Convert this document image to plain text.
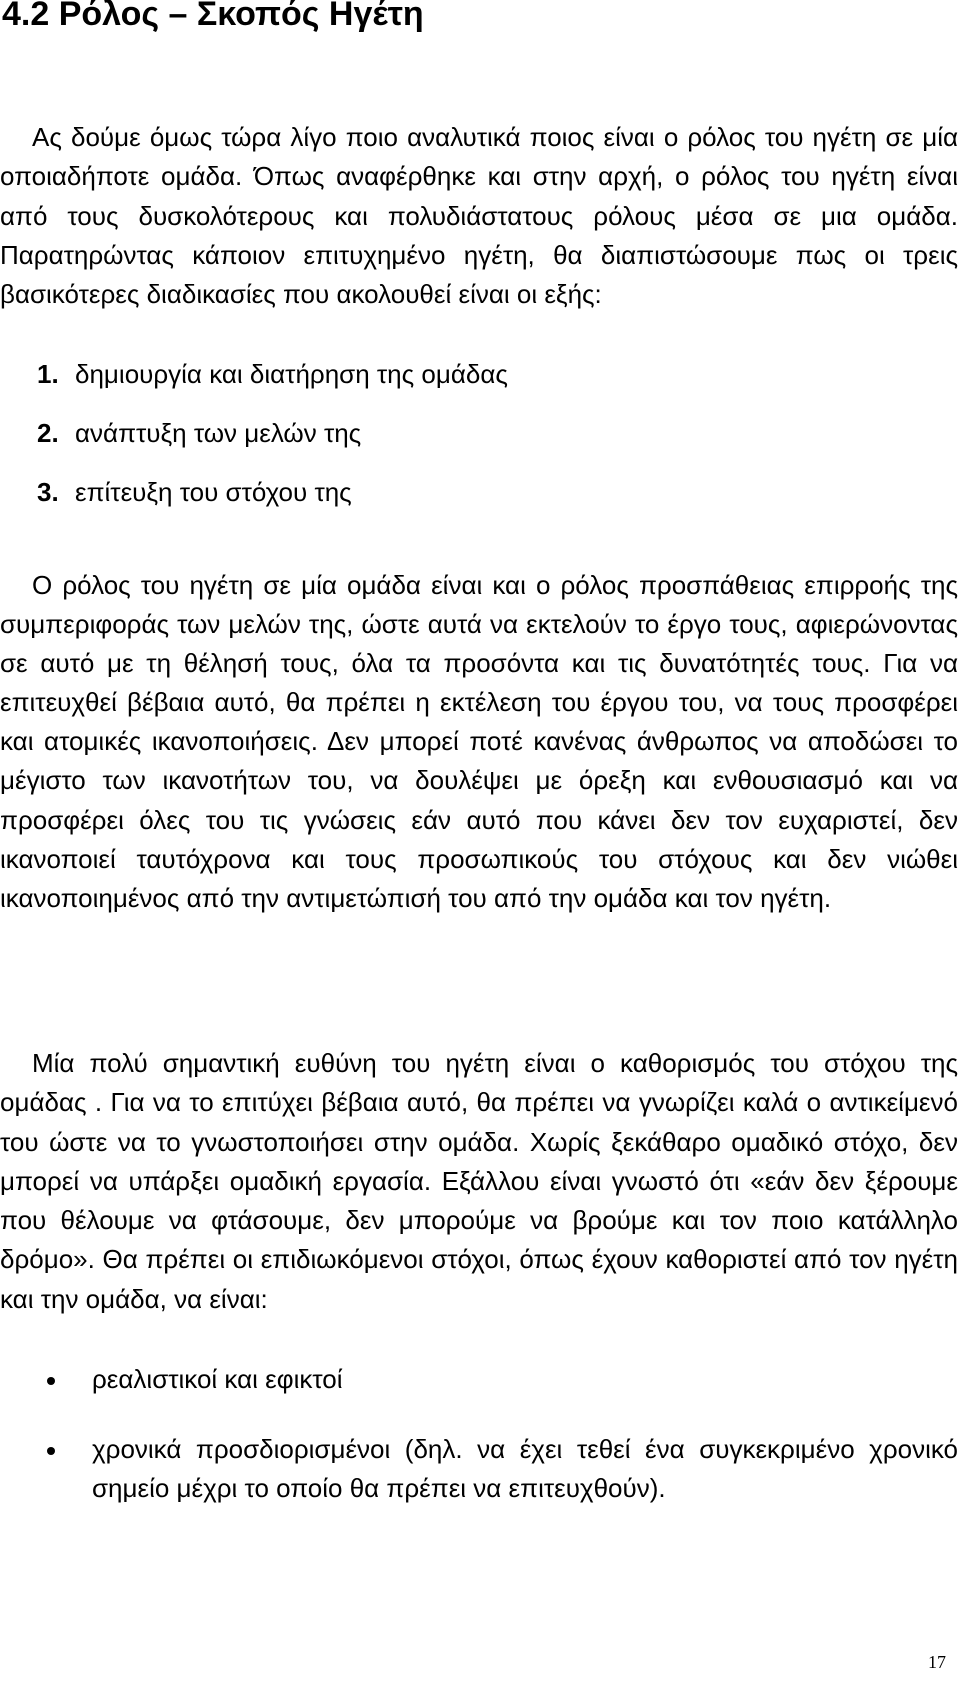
4.2 Ρόλος – Σκοπός Ηγέτη

Ας δούμε όμως τώρα λίγο ποιο αναλυτικά ποιος είναι ο ρόλος του ηγέτη σε μία οποιαδήποτε ομάδα. Όπως αναφέρθηκε και στην αρχή, ο ρόλος του ηγέτη είναι από τους δυσκολότερους και πολυδιάστατους ρόλους μέσα σε μια ομάδα. Παρατηρώντας κάποιον επιτυχημένο ηγέτη, θα διαπιστώσουμε πως οι τρεις βασικότερες διαδικασίες που ακολουθεί είναι οι εξής:

1. δημιουργία και διατήρηση της ομάδας
2. ανάπτυξη των μελών της
3. επίτευξη του στόχου της

Ο ρόλος του ηγέτη σε μία ομάδα είναι και ο ρόλος προσπάθειας επιρροής της συμπεριφοράς των μελών της, ώστε αυτά να εκτελούν το έργο τους, αφιερώνοντας σε αυτό με τη θέλησή τους, όλα τα προσόντα και τις δυνατότητές τους. Για να επιτευχθεί βέβαια αυτό, θα πρέπει η εκτέλεση του έργου του, να τους προσφέρει και ατομικές ικανοποιήσεις. Δεν μπορεί ποτέ κανένας άνθρωπος να αποδώσει το μέγιστο των ικανοτήτων του, να δουλέψει με όρεξη και ενθουσιασμό και να προσφέρει όλες του τις γνώσεις εάν αυτό που κάνει δεν τον ευχαριστεί, δεν ικανοποιεί ταυτόχρονα και τους προσωπικούς του στόχους και δεν νιώθει ικανοποιημένος από την αντιμετώπισή του από την ομάδα και τον ηγέτη.

Μία πολύ σημαντική ευθύνη του ηγέτη είναι ο καθορισμός του στόχου της ομάδας . Για να το επιτύχει βέβαια αυτό, θα πρέπει να γνωρίζει καλά ο αντικείμενό του ώστε να το γνωστοποιήσει στην ομάδα. Χωρίς ξεκάθαρο ομαδικό στόχο, δεν μπορεί να υπάρξει ομαδική εργασία. Εξάλλου είναι γνωστό ότι «εάν δεν ξέρουμε που θέλουμε να φτάσουμε, δεν μπορούμε να βρούμε και τον ποιο κατάλληλο δρόμο». Θα πρέπει οι επιδιωκόμενοι στόχοι, όπως έχουν καθοριστεί από τον ηγέτη και την ομάδα, να είναι:

ρεαλιστικοί και εφικτοί
χρονικά προσδιορισμένοι (δηλ. να έχει τεθεί ένα συγκεκριμένο χρονικό σημείο μέχρι το οποίο θα πρέπει να επιτευχθούν).
17
